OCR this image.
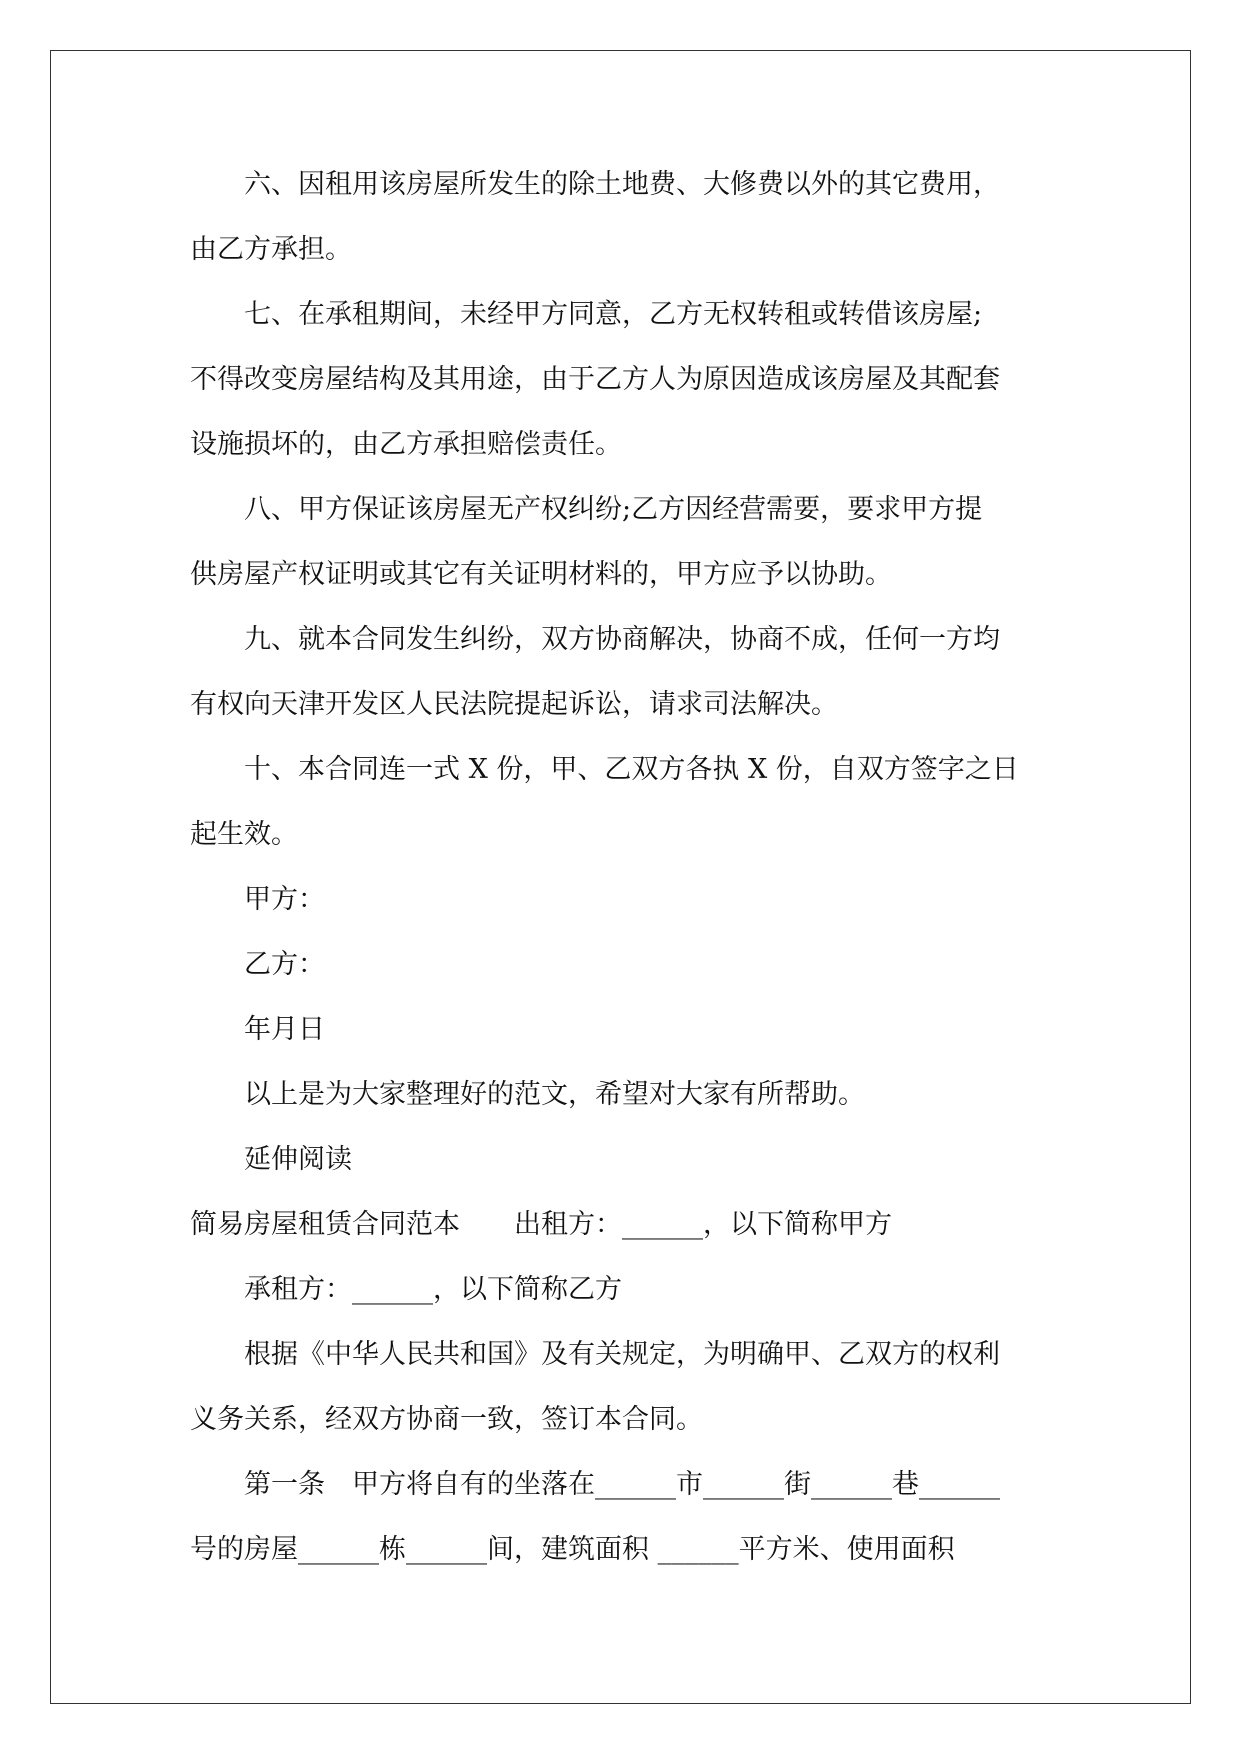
　　六、因租用该房屋所发生的除土地费、大修费以外的其它费用，

由乙方承担。

　　七、在承租期间，未经甲方同意，乙方无权转租或转借该房屋;

不得改变房屋结构及其用途，由于乙方人为原因造成该房屋及其配套

设施损坏的，由乙方承担赔偿责任。

　　八、甲方保证该房屋无产权纠纷;乙方因经营需要，要求甲方提

供房屋产权证明或其它有关证明材料的，甲方应予以协助。

　　九、就本合同发生纠纷，双方协商解决，协商不成，任何一方均

有权向天津开发区人民法院提起诉讼，请求司法解决。

　　十、本合同连一式 X 份，甲、乙双方各执 X 份，自双方签字之日

起生效。

　　甲方：

　　乙方：

　　年月日

　　以上是为大家整理好的范文，希望对大家有所帮助。

　　延伸阅读

简易房屋租赁合同范本　　出租方：______，以下简称甲方

　　承租方：______，以下简称乙方

　　根据《中华人民共和国》及有关规定，为明确甲、乙双方的权利

义务关系，经双方协商一致，签订本合同。

　　第一条　甲方将自有的坐落在______市______街______巷______

号的房屋______栋______间，建筑面积 ______平方米、使用面积
